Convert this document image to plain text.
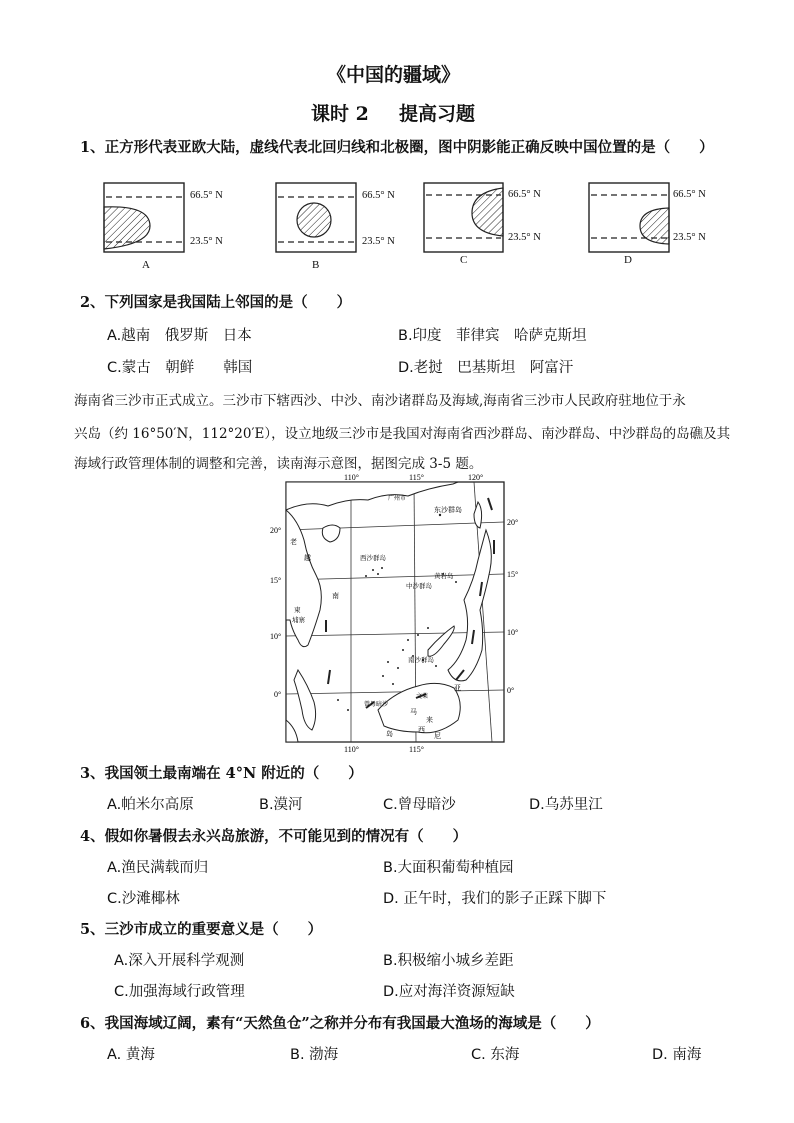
《中国的疆域》
课时 2 提高习题
1、正方形代表亚欧大陆，虚线代表北回归线和北极圈，图中阴影能正确反映中国位置的是（　　）
66.5° N
23.5° N
66.5° N
23.5° N
66.5° N
23.5° N
66.5° N
23.5° N
A	B	C	D
2、下列国家是我国陆上邻国的是（　　）
A.越南　俄罗斯　日本	B.印度　菲律宾　哈萨克斯坦
C.蒙古　朝鲜　　韩国	D.老挝　巴基斯坦　阿富汗
海南省三沙市正式成立。三沙市下辖西沙、中沙、南沙诸群岛及海域,海南省三沙市人民政府驻地位于永
兴岛（约 16°50′N，112°20′E），设立地级三沙市是我国对海南省西沙群岛、南沙群岛、中沙群岛的岛礁及其
海域行政管理体制的调整和完善，读南海示意图，据图完成 3-5 题。
110°	115°	120°
110°	115°
20°
15°
10°
0°
20°
15°
10°
0°
广州市
东沙群岛
西沙群岛
黄岩岛
中沙群岛
南沙群岛
曾母暗沙
文莱
越
南
老
柬
埔寨
亚
马
来
西
尼
岛
3、我国领土最南端在 4°N 附近的（　　）
A.帕米尔高原	B.漠河	C.曾母暗沙	D.乌苏里江
4、假如你暑假去永兴岛旅游，不可能见到的情况有（　　）
A.渔民满载而归	B.大面积葡萄种植园
C.沙滩椰林	D. 正午时，我们的影子正踩下脚下
5、三沙市成立的重要意义是（　　）
A.深入开展科学观测	B.积极缩小城乡差距
C.加强海域行政管理	D.应对海洋资源短缺
6、我国海域辽阔，素有“天然鱼仓”之称并分布有我国最大渔场的海域是（　　）
A. 黄海	B. 渤海	C. 东海	D. 南海
